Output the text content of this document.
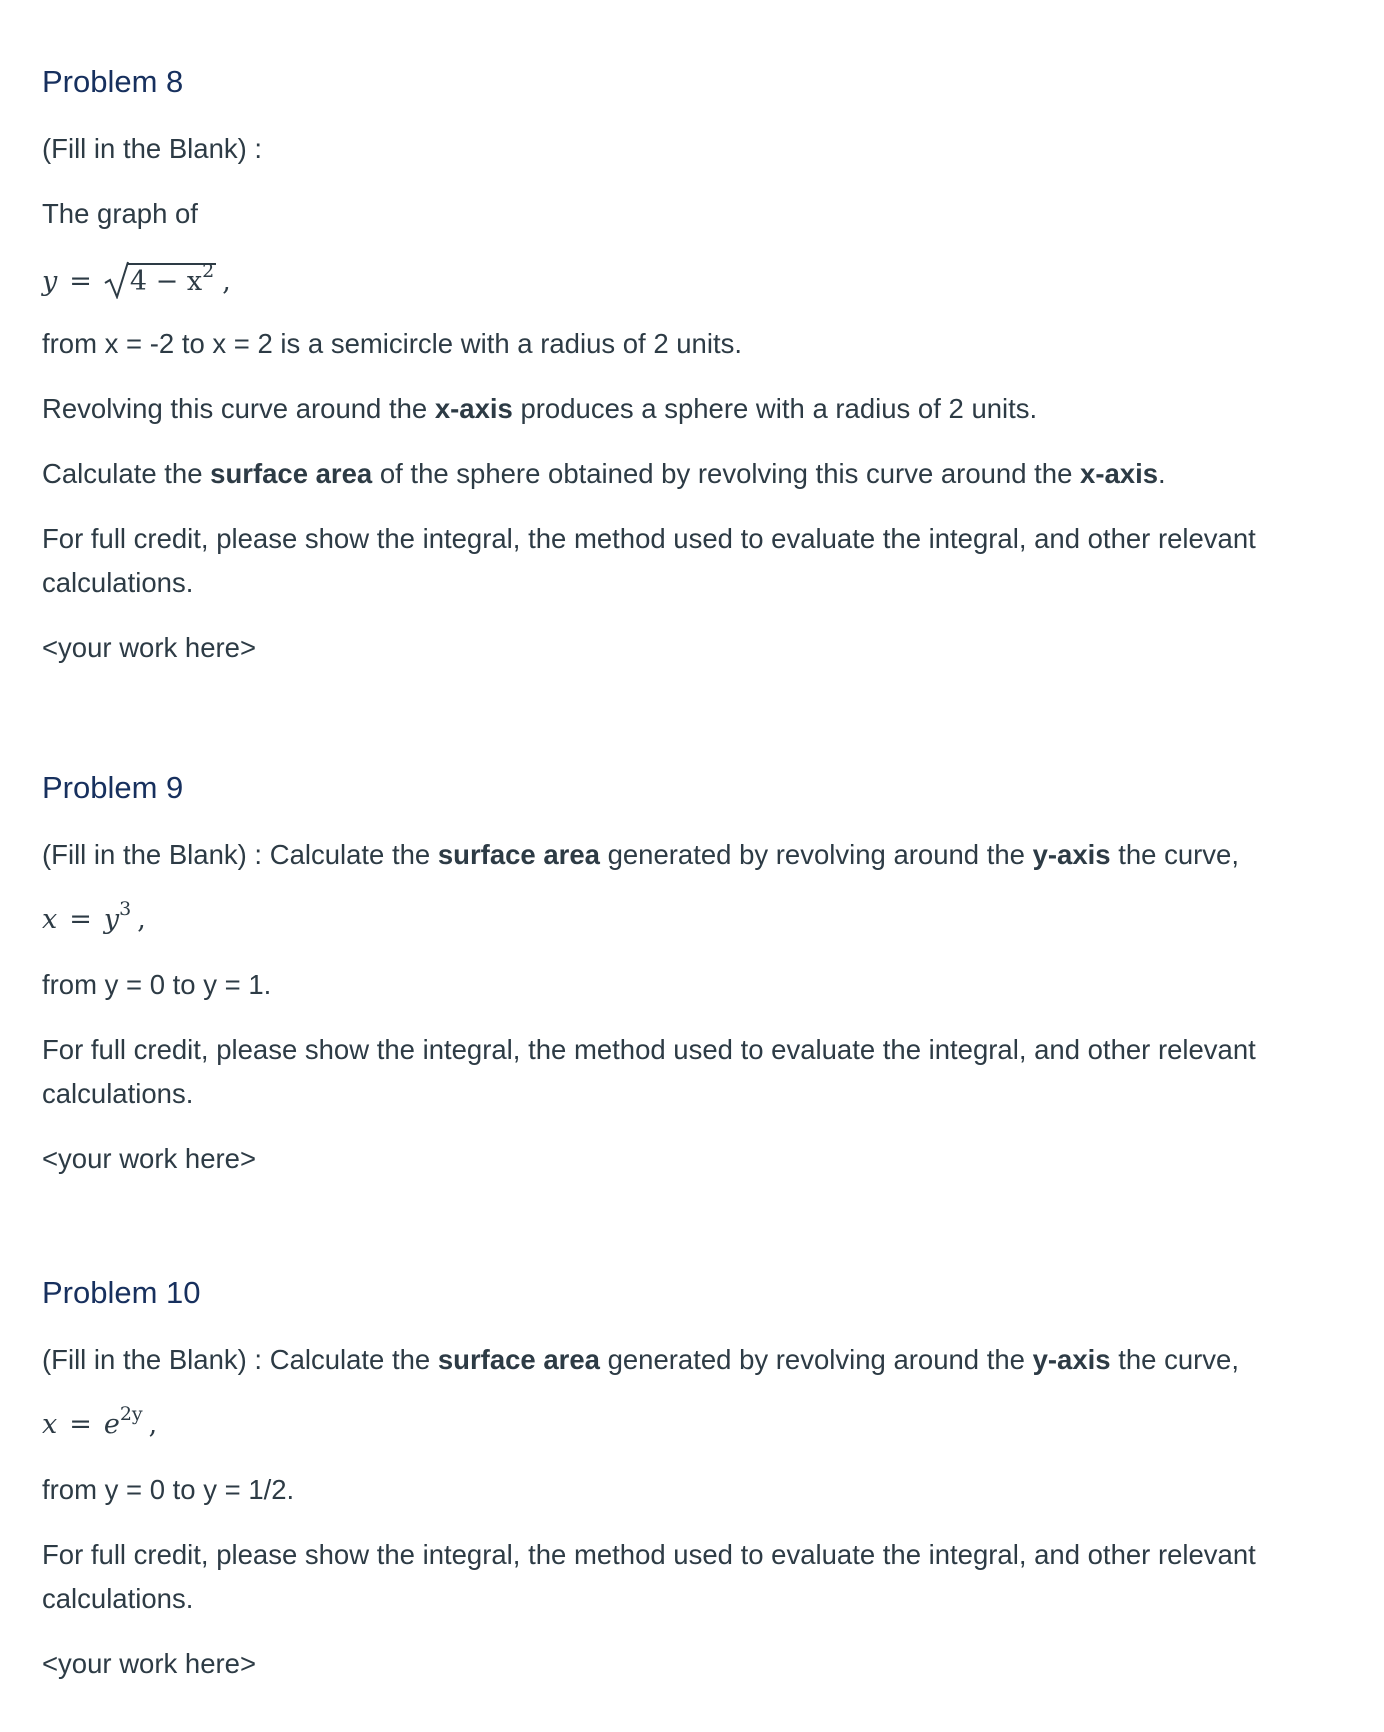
Problem 8

(Fill in the Blank) :

The graph of

$y = 4 - x^2$ ,

from x = -2 to x = 2 is a semicircle with a radius of 2 units.

Revolving this curve around the x-axis produces a sphere with a radius of 2 units.

Calculate the surface area of the sphere obtained by revolving this curve around the x-axis.

For full credit, please show the integral, the method used to evaluate the integral, and other relevant calculations.

<your work here>

Problem 9

(Fill in the Blank) : Calculate the surface area generated by revolving around the y-axis the curve,

$x = y^3$ ,

from y = 0 to y = 1.

For full credit, please show the integral, the method used to evaluate the integral, and other relevant calculations.

<your work here>

Problem 10

(Fill in the Blank) : Calculate the surface area generated by revolving around the y-axis the curve,

$x = e^{2y}$ ,

from y = 0 to y = 1/2.

For full credit, please show the integral, the method used to evaluate the integral, and other relevant calculations.

<your work here>
